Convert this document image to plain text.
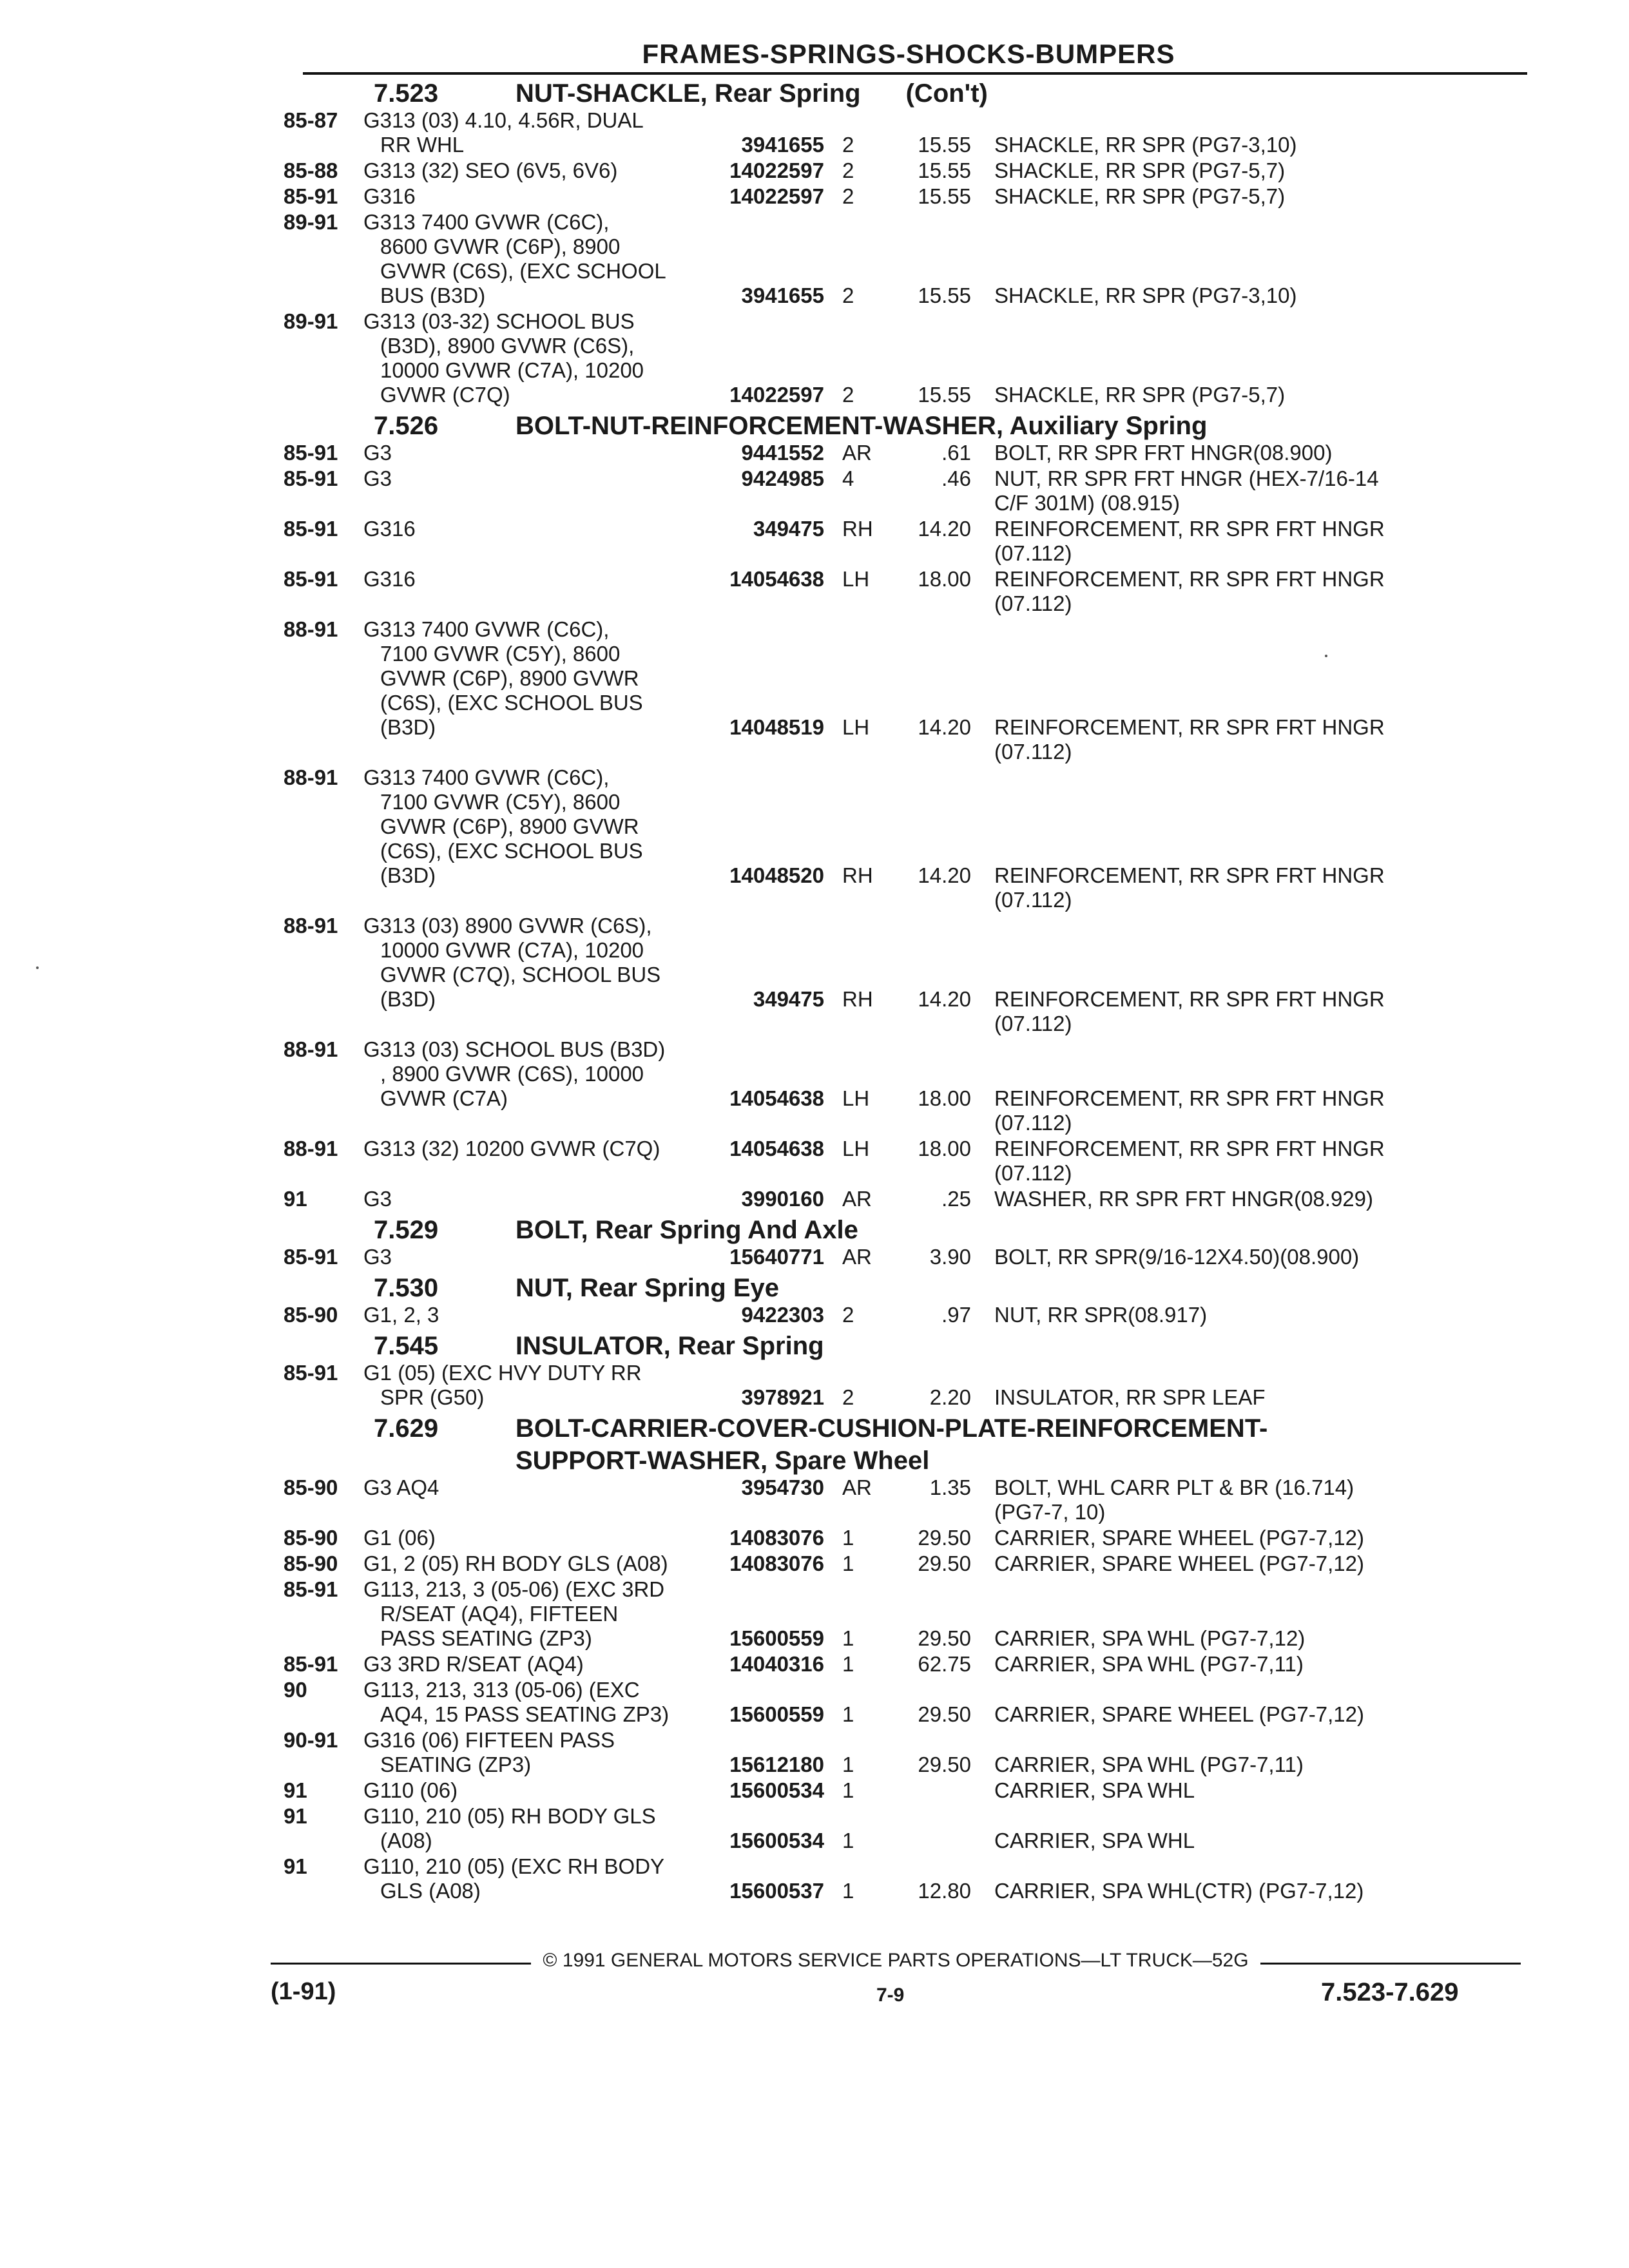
FRAMES-SPRINGS-SHOCKS-BUMPERS
7.523	NUT-SHACKLE, Rear Spring (Con't)
85-87	G313 (03) 4.10, 4.56R, DUAL
RR WHL	3941655 2	15.55	SHACKLE, RR SPR (PG7-3,10)
85-88	G313 (32) SEO (6V5, 6V6)	14022597 2	15.55	SHACKLE, RR SPR (PG7-5,7)
85-91	G316	14022597 2	15.55	SHACKLE, RR SPR (PG7-5,7)
89-91	G313 7400 GVWR (C6C),
8600 GVWR (C6P), 8900
GVWR (C6S), (EXC SCHOOL
BUS (B3D)	3941655 2	15.55	SHACKLE, RR SPR (PG7-3,10)
89-91	G313 (03-32) SCHOOL BUS
(B3D), 8900 GVWR (C6S),
10000 GVWR (C7A), 10200
GVWR (C7Q)	14022597 2	15.55	SHACKLE, RR SPR (PG7-5,7)
7.526	BOLT-NUT-REINFORCEMENT-WASHER, Auxiliary Spring
85-91	G3	9441552 AR	.61	BOLT, RR SPR FRT HNGR(08.900)
85-91	G3	9424985 4	.46	NUT, RR SPR FRT HNGR (HEX-7/16-14
C/F 301M) (08.915)
85-91	G316	349475 RH	14.20	REINFORCEMENT, RR SPR FRT HNGR
(07.112)
85-91	G316	14054638 LH	18.00	REINFORCEMENT, RR SPR FRT HNGR
(07.112)
88-91	G313 7400 GVWR (C6C),
7100 GVWR (C5Y), 8600
GVWR (C6P), 8900 GVWR
(C6S), (EXC SCHOOL BUS
(B3D)	14048519 LH	14.20	REINFORCEMENT, RR SPR FRT HNGR
(07.112)
88-91	G313 7400 GVWR (C6C),
7100 GVWR (C5Y), 8600
GVWR (C6P), 8900 GVWR
(C6S), (EXC SCHOOL BUS
(B3D)	14048520 RH	14.20	REINFORCEMENT, RR SPR FRT HNGR
(07.112)
88-91	G313 (03) 8900 GVWR (C6S),
10000 GVWR (C7A), 10200
GVWR (C7Q), SCHOOL BUS
(B3D)	349475 RH	14.20	REINFORCEMENT, RR SPR FRT HNGR
(07.112)
88-91	G313 (03) SCHOOL BUS (B3D)
, 8900 GVWR (C6S), 10000
GVWR (C7A)	14054638 LH	18.00	REINFORCEMENT, RR SPR FRT HNGR
(07.112)
88-91	G313 (32) 10200 GVWR (C7Q)	14054638 LH	18.00	REINFORCEMENT, RR SPR FRT HNGR
(07.112)
91	G3	3990160 AR	.25	WASHER, RR SPR FRT HNGR(08.929)
7.529	BOLT, Rear Spring And Axle
85-91	G3	15640771 AR	3.90	BOLT, RR SPR(9/16-12X4.50)(08.900)
7.530	NUT, Rear Spring Eye
85-90	G1, 2, 3	9422303 2	.97	NUT, RR SPR(08.917)
7.545	INSULATOR, Rear Spring
85-91	G1 (05) (EXC HVY DUTY RR
SPR (G50)	3978921 2	2.20	INSULATOR, RR SPR LEAF
7.629	BOLT-CARRIER-COVER-CUSHION-PLATE-REINFORCEMENT-
SUPPORT-WASHER, Spare Wheel
85-90	G3 AQ4	3954730 AR	1.35	BOLT, WHL CARR PLT & BR (16.714)
(PG7-7, 10)
85-90	G1 (06)	14083076 1	29.50	CARRIER, SPARE WHEEL (PG7-7,12)
85-90	G1, 2 (05) RH BODY GLS (A08)	14083076 1	29.50	CARRIER, SPARE WHEEL (PG7-7,12)
85-91	G113, 213, 3 (05-06) (EXC 3RD
R/SEAT (AQ4), FIFTEEN
PASS SEATING (ZP3)	15600559 1	29.50	CARRIER, SPA WHL (PG7-7,12)
85-91	G3 3RD R/SEAT (AQ4)	14040316 1	62.75	CARRIER, SPA WHL (PG7-7,11)
90	G113, 213, 313 (05-06) (EXC
AQ4, 15 PASS SEATING ZP3)	15600559 1	29.50	CARRIER, SPARE WHEEL (PG7-7,12)
90-91	G316 (06) FIFTEEN PASS
SEATING (ZP3)	15612180 1	29.50	CARRIER, SPA WHL (PG7-7,11)
91	G110 (06)	15600534 1	CARRIER, SPA WHL
91	G110, 210 (05) RH BODY GLS
(A08)	15600534 1	CARRIER, SPA WHL
91	G110, 210 (05) (EXC RH BODY
GLS (A08)	15600537 1	12.80	CARRIER, SPA WHL(CTR) (PG7-7,12)
© 1991 GENERAL MOTORS SERVICE PARTS OPERATIONS—LT TRUCK—52G
(1-91)	7-9	7.523-7.629
